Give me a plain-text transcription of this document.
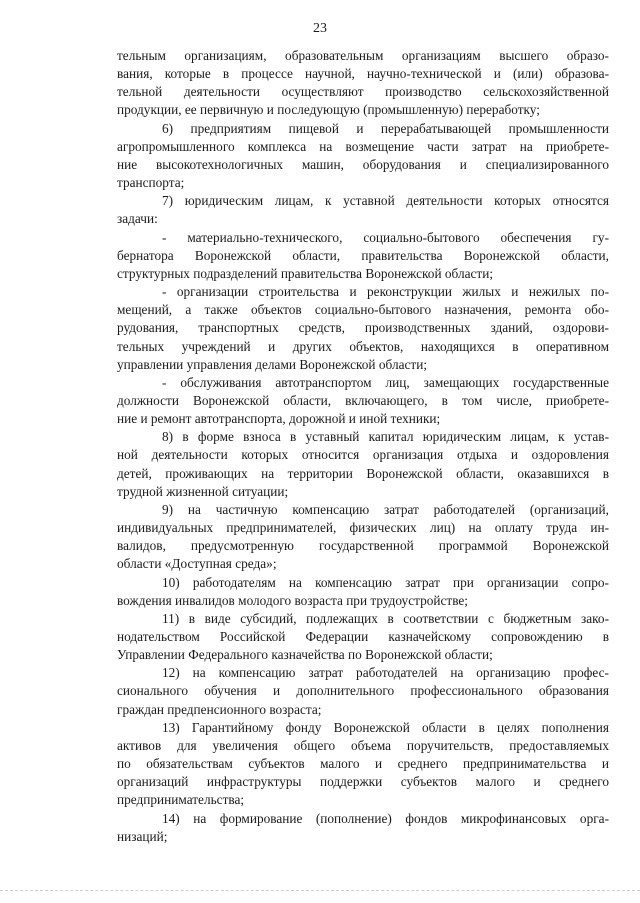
23
тельным организациям, образовательным организациям высшего образо-
вания, которые в процессе научной, научно-технической и (или) образова-
тельной деятельности осуществляют производство сельскохозяйственной
продукции, ее первичную и последующую (промышленную) переработку;
6) предприятиям пищевой и перерабатывающей промышленности
агропромышленного комплекса на возмещение части затрат на приобрете-
ние высокотехнологичных машин, оборудования и специализированного
транспорта;
7) юридическим лицам, к уставной деятельности которых относятся
задачи:
- материально-технического, социально-бытового обеспечения гу-
бернатора Воронежской области, правительства Воронежской области,
структурных подразделений правительства Воронежской области;
- организации строительства и реконструкции жилых и нежилых по-
мещений, а также объектов социально-бытового назначения, ремонта обо-
рудования, транспортных средств, производственных зданий, оздорови-
тельных учреждений и других объектов, находящихся в оперативном
управлении управления делами Воронежской области;
- обслуживания автотранспортом лиц, замещающих государственные
должности Воронежской области, включающего, в том числе, приобрете-
ние и ремонт автотранспорта, дорожной и иной техники;
8) в форме взноса в уставный капитал юридическим лицам, к устав-
ной деятельности которых относится организация отдыха и оздоровления
детей, проживающих на территории Воронежской области, оказавшихся в
трудной жизненной ситуации;
9) на частичную компенсацию затрат работодателей (организаций,
индивидуальных предпринимателей, физических лиц) на оплату труда ин-
валидов, предусмотренную государственной программой Воронежской
области «Доступная среда»;
10) работодателям на компенсацию затрат при организации сопро-
вождения инвалидов молодого возраста при трудоустройстве;
11) в виде субсидий, подлежащих в соответствии с бюджетным зако-
нодательством Российской Федерации казначейскому сопровождению в
Управлении Федерального казначейства по Воронежской области;
12) на компенсацию затрат работодателей на организацию профес-
сионального обучения и дополнительного профессионального образования
граждан предпенсионного возраста;
13) Гарантийному фонду Воронежской области в целях пополнения
активов для увеличения общего объема поручительств, предоставляемых
по обязательствам субъектов малого и среднего предпринимательства и
организаций инфраструктуры поддержки субъектов малого и среднего
предпринимательства;
14) на формирование (пополнение) фондов микрофинансовых орга-
низаций;
